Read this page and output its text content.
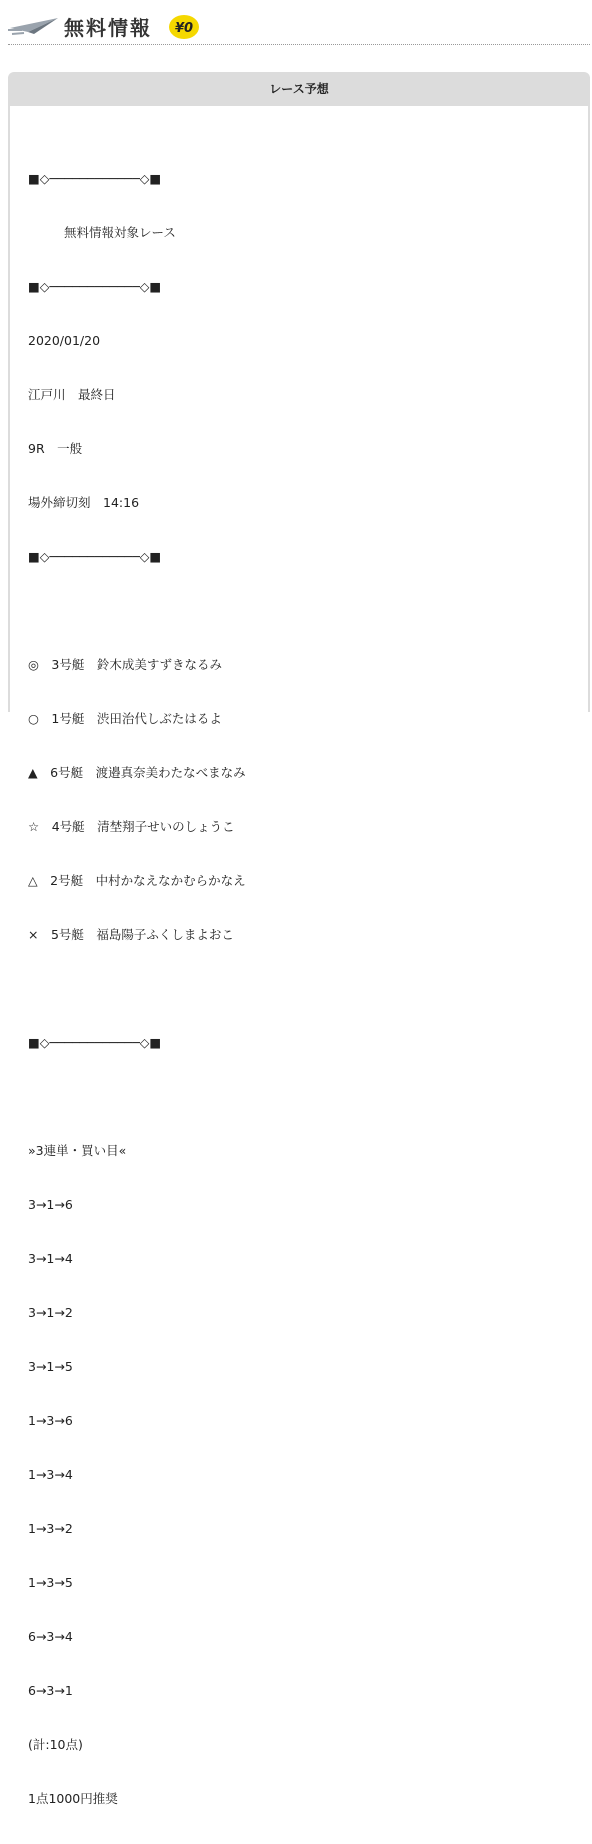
無料情報 ¥0
レース予想

■◇────────────◇■

無料情報対象レース

■◇────────────◇■

2020/01/20

江戸川　最終日

9R　一般

場外締切刻　14:16

■◇────────────◇■

◎　3号艇　鈴木成美すずきなるみ

○　1号艇　渋田治代しぶたはるよ

▲　6号艇　渡邉真奈美わたなべまなみ

☆　4号艇　清埜翔子せいのしょうこ

△　2号艇　中村かなえなかむらかなえ

×　5号艇　福島陽子ふくしまよおこ

■◇────────────◇■

»3連単・買い目«

3→1→6

3→1→4

3→1→2

3→1→5

1→3→6

1→3→4

1→3→2

1→3→5

6→3→4

6→3→1

(計:10点)

1点1000円推奨
